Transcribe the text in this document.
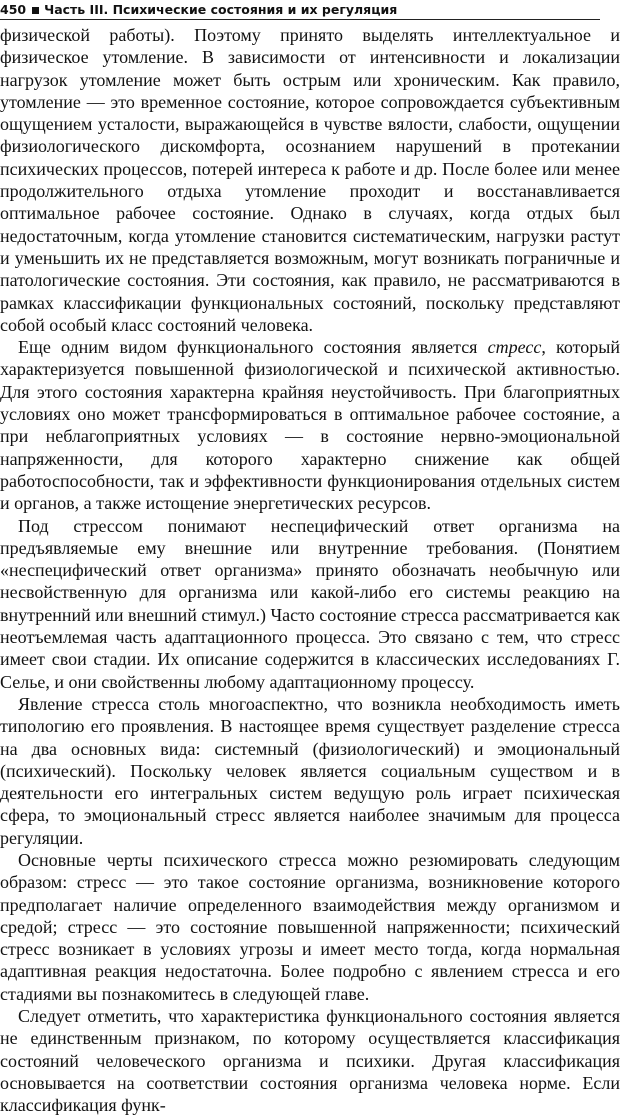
450 Часть III. Психические состояния и их регуляция

физической работы). Поэтому принято выделять интеллектуальное и физическое утомление. В зависимости от интенсивности и локализации нагрузок утомление может быть острым или хроническим. Как правило, утомление — это временное состояние, которое сопровождается субъективным ощущением усталости, выражающейся в чувстве вялости, слабости, ощущении физиологического дискомфорта, осознанием нарушений в протекании психических процессов, потерей интереса к работе и др. После более или менее продолжительного отдыха утомление проходит и восстанавливается оптимальное рабочее состояние. Однако в случаях, когда отдых был недостаточным, когда утомление становится систематическим, нагрузки растут и уменьшить их не представляется возможным, могут возникать пограничные и патологические состояния. Эти состояния, как правило, не рассматриваются в рамках классификации функциональных состояний, поскольку представляют собой особый класс состояний человека.

Еще одним видом функционального состояния является стресс, который характеризуется повышенной физиологической и психической активностью. Для этого состояния характерна крайняя неустойчивость. При благоприятных условиях оно может трансформироваться в оптимальное рабочее состояние, а при неблагоприятных условиях — в состояние нервно-эмоциональной напряженности, для которого характерно снижение как общей работоспособности, так и эффективности функционирования отдельных систем и органов, а также истощение энергетических ресурсов.

Под стрессом понимают неспецифический ответ организма на предъявляемые ему внешние или внутренние требования. (Понятием «неспецифический ответ организма» принято обозначать необычную или несвойственную для организма или какой-либо его системы реакцию на внутренний или внешний стимул.) Часто состояние стресса рассматривается как неотъемлемая часть адаптационного процесса. Это связано с тем, что стресс имеет свои стадии. Их описание содержится в классических исследованиях Г. Селье, и они свойственны любому адаптационному процессу.

Явление стресса столь многоаспектно, что возникла необходимость иметь типологию его проявления. В настоящее время существует разделение стресса на два основных вида: системный (физиологический) и эмоциональный (психический). Поскольку человек является социальным существом и в деятельности его интегральных систем ведущую роль играет психическая сфера, то эмоциональный стресс является наиболее значимым для процесса регуляции.

Основные черты психического стресса можно резюмировать следующим образом: стресс — это такое состояние организма, возникновение которого предполагает наличие определенного взаимодействия между организмом и средой; стресс — это состояние повышенной напряженности; психический стресс возникает в условиях угрозы и имеет место тогда, когда нормальная адаптивная реакция недостаточна. Более подробно с явлением стресса и его стадиями вы познакомитесь в следующей главе.

Следует отметить, что характеристика функционального состояния является не единственным признаком, по которому осуществляется классификация состояний человеческого организма и психики. Другая классификация основывается на соответствии состояния организма человека норме. Если классификация функ-
